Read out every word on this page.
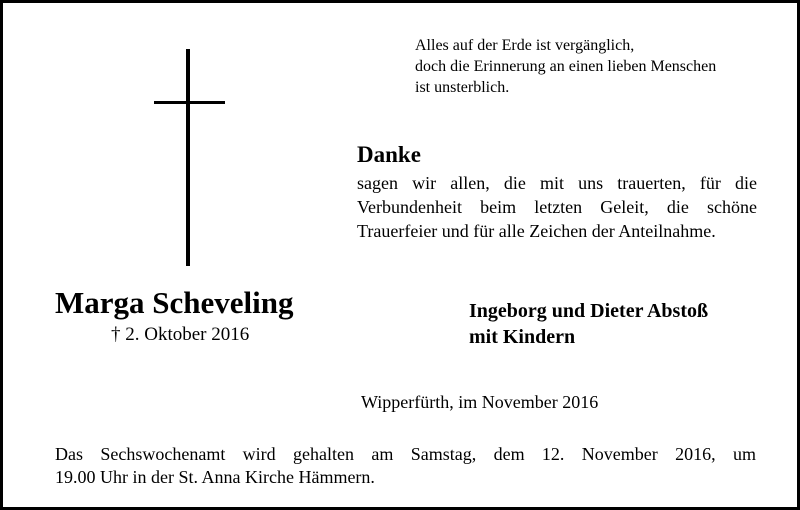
Alles auf der Erde ist vergänglich,
doch die Erinnerung an einen lieben Menschen
ist unsterblich.
Danke
sagen wir allen, die mit uns trauerten, für die
Verbundenheit beim letzten Geleit, die schöne
Trauerfeier und für alle Zeichen der Anteilnahme.
Marga Scheveling
† 2. Oktober 2016
Ingeborg und Dieter Abstoß
mit Kindern
Wipperfürth, im November 2016
Das Sechswochenamt wird gehalten am Samstag, dem 12. November 2016, um
19.00 Uhr in der St. Anna Kirche Hämmern.
